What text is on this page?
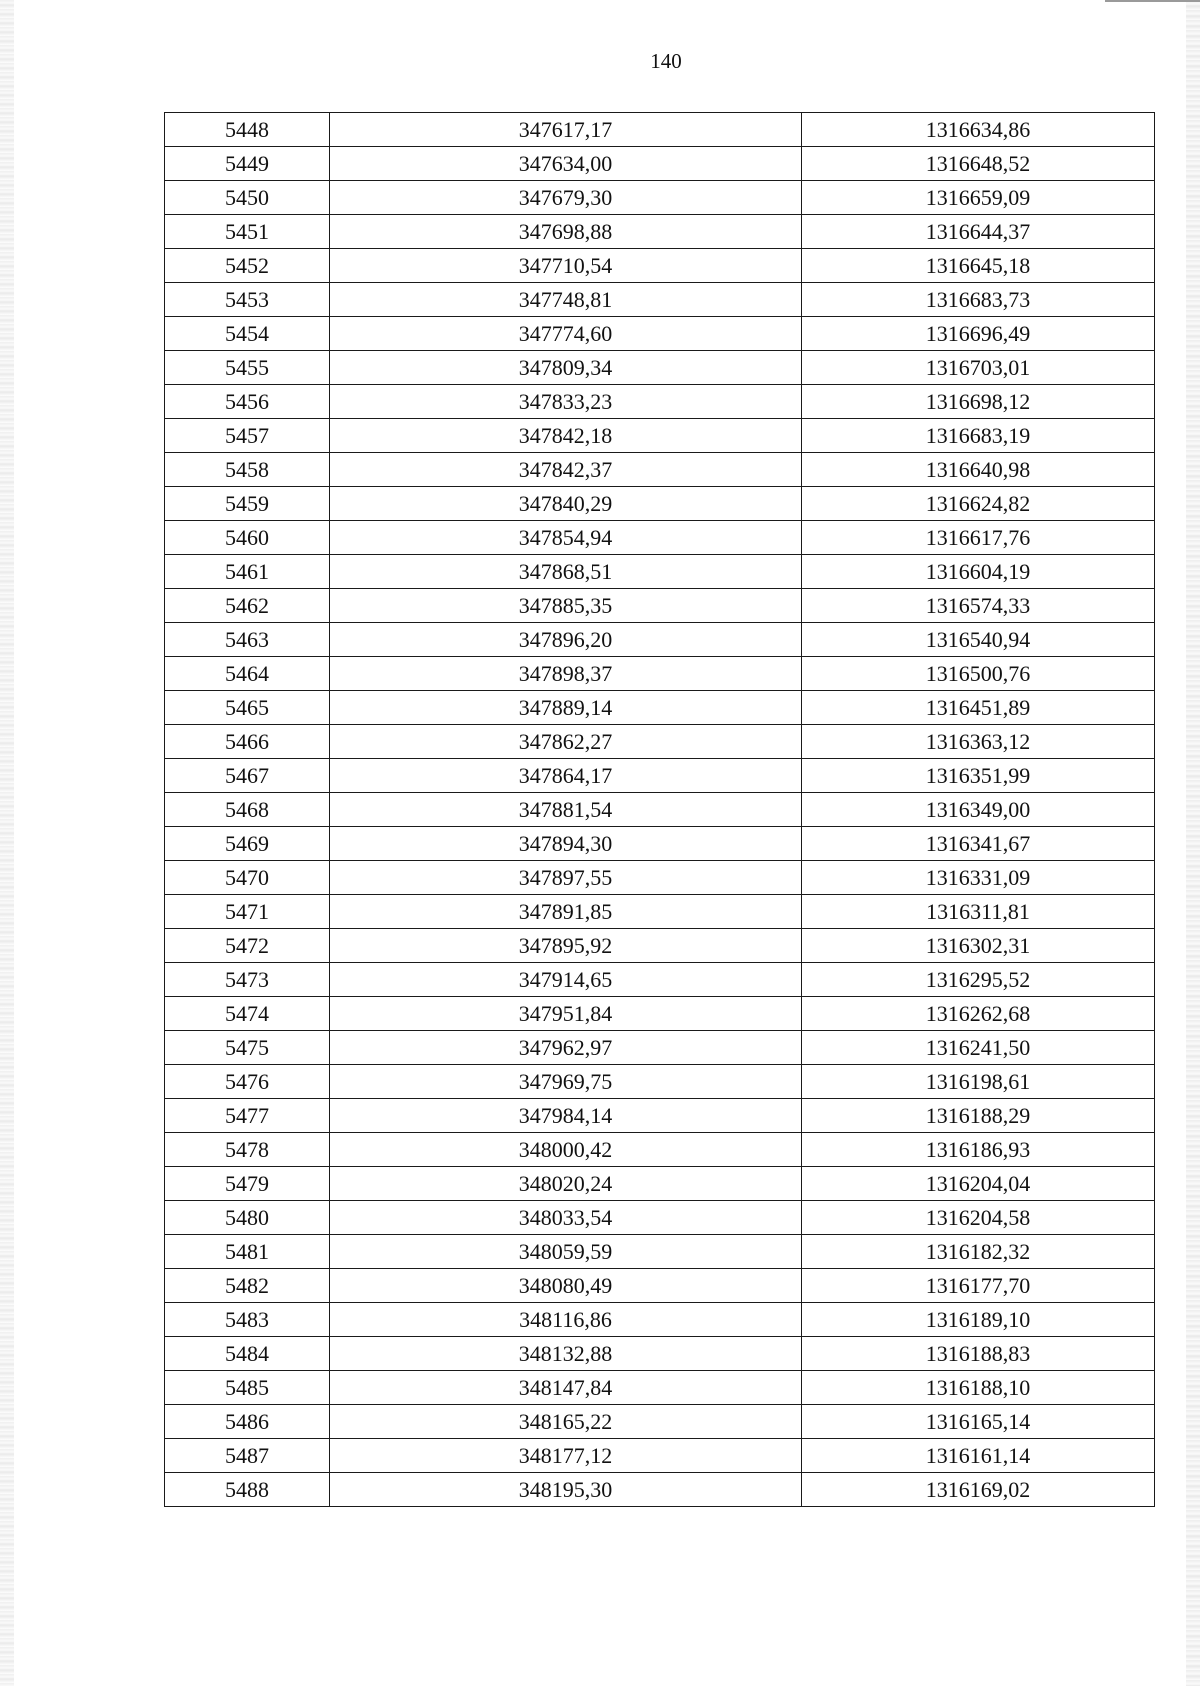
140
5448	347617,17	1316634,86
5449	347634,00	1316648,52
5450	347679,30	1316659,09
5451	347698,88	1316644,37
5452	347710,54	1316645,18
5453	347748,81	1316683,73
5454	347774,60	1316696,49
5455	347809,34	1316703,01
5456	347833,23	1316698,12
5457	347842,18	1316683,19
5458	347842,37	1316640,98
5459	347840,29	1316624,82
5460	347854,94	1316617,76
5461	347868,51	1316604,19
5462	347885,35	1316574,33
5463	347896,20	1316540,94
5464	347898,37	1316500,76
5465	347889,14	1316451,89
5466	347862,27	1316363,12
5467	347864,17	1316351,99
5468	347881,54	1316349,00
5469	347894,30	1316341,67
5470	347897,55	1316331,09
5471	347891,85	1316311,81
5472	347895,92	1316302,31
5473	347914,65	1316295,52
5474	347951,84	1316262,68
5475	347962,97	1316241,50
5476	347969,75	1316198,61
5477	347984,14	1316188,29
5478	348000,42	1316186,93
5479	348020,24	1316204,04
5480	348033,54	1316204,58
5481	348059,59	1316182,32
5482	348080,49	1316177,70
5483	348116,86	1316189,10
5484	348132,88	1316188,83
5485	348147,84	1316188,10
5486	348165,22	1316165,14
5487	348177,12	1316161,14
5488	348195,30	1316169,02
